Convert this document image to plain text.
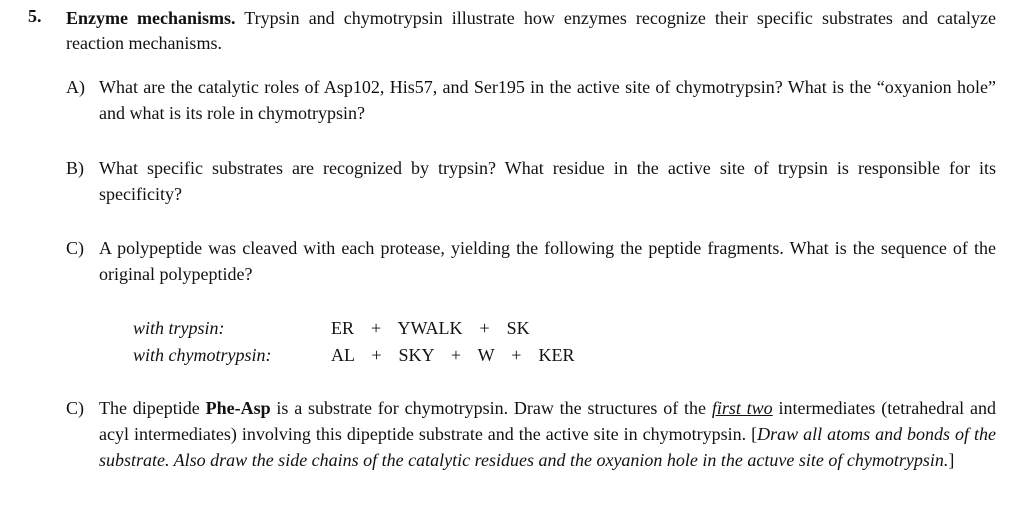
5. Enzyme mechanisms. Trypsin and chymotrypsin illustrate how enzymes recognize their specific substrates and catalyze reaction mechanisms.
A) What are the catalytic roles of Asp102, His57, and Ser195 in the active site of chymotrypsin? What is the “oxyanion hole” and what is its role in chymotrypsin?
B) What specific substrates are recognized by trypsin? What residue in the active site of trypsin is responsible for its specificity?
C) A polypeptide was cleaved with each protease, yielding the following the peptide fragments. What is the sequence of the original polypeptide?
with trypsin:	ER  +  YWALK  +  SK
with chymotrypsin:	AL  +  SKY  +  W  +  KER
C) The dipeptide Phe-Asp is a substrate for chymotrypsin. Draw the structures of the first two intermediates (tetrahedral and acyl intermediates) involving this dipeptide substrate and the active site in chymotrypsin. [Draw all atoms and bonds of the substrate. Also draw the side chains of the catalytic residues and the oxyanion hole in the actuve site of chymotrypsin.]
